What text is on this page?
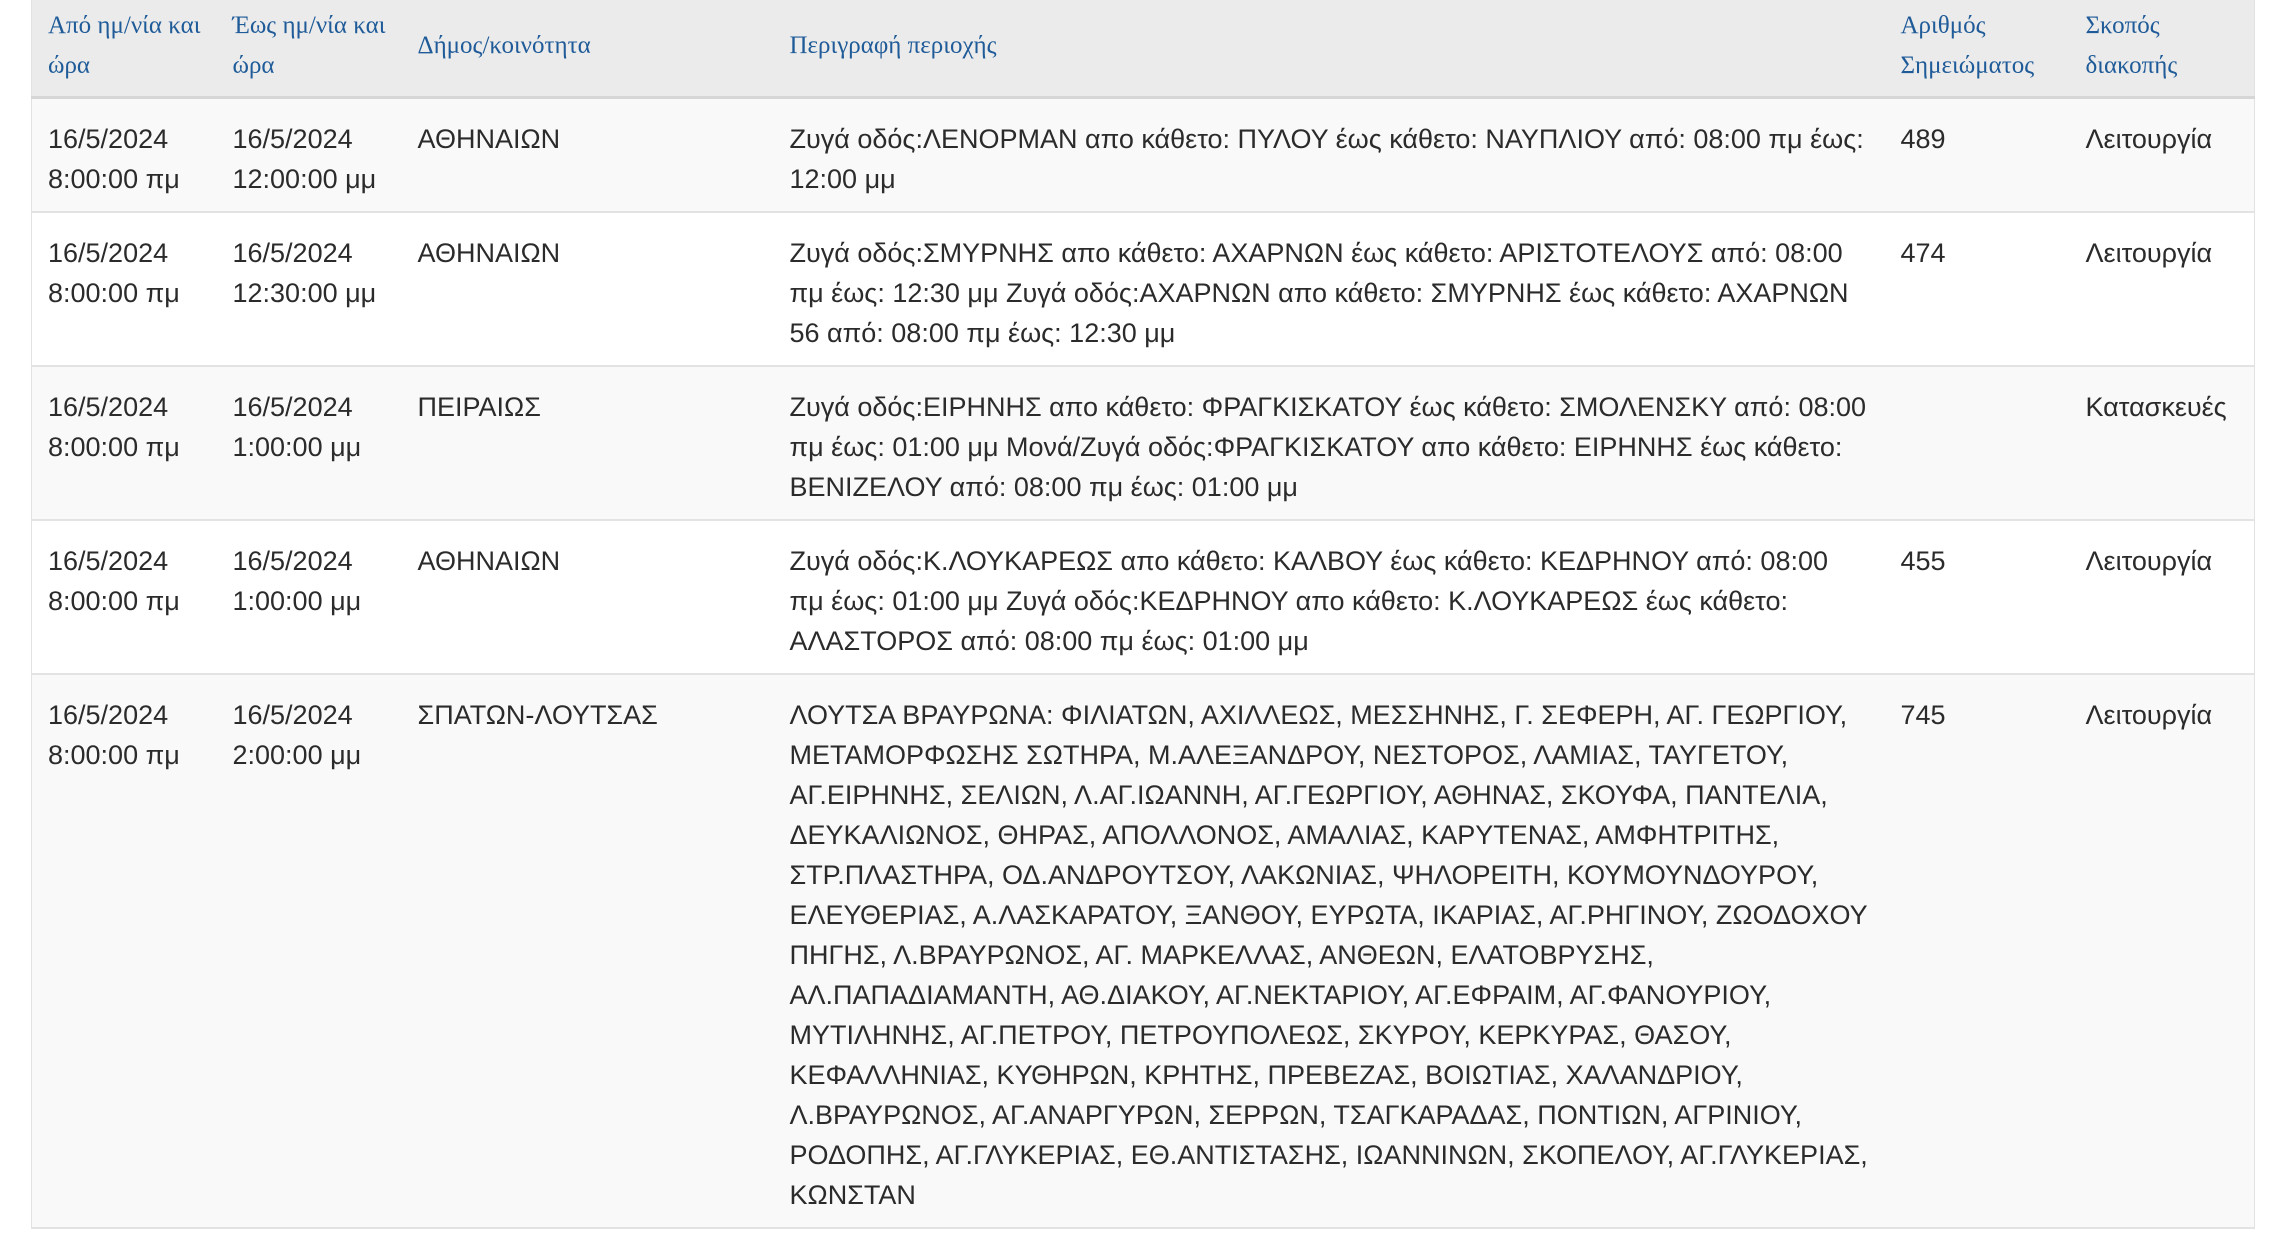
Από ημ/νία και ώρα	Έως ημ/νία και ώρα	Δήμος/κοινότητα	Περιγραφή περιοχής	Αριθμός Σημειώματος	Σκοπός διακοπής
16/5/2024 8:00:00 πμ	16/5/2024 12:00:00 μμ	ΑΘΗΝΑΙΩΝ	Ζυγά οδός:ΛΕΝΟΡΜΑΝ απο κάθετο: ΠΥΛΟΥ έως κάθετο: ΝΑΥΠΛΙΟΥ από: 08:00 πμ έως: 12:00 μμ	489	Λειτουργία
16/5/2024 8:00:00 πμ	16/5/2024 12:30:00 μμ	ΑΘΗΝΑΙΩΝ	Ζυγά οδός:ΣΜΥΡΝΗΣ απο κάθετο: ΑΧΑΡΝΩΝ έως κάθετο: ΑΡΙΣΤΟΤΕΛΟΥΣ από: 08:00 πμ έως: 12:30 μμ Ζυγά οδός:ΑΧΑΡΝΩΝ απο κάθετο: ΣΜΥΡΝΗΣ έως κάθετο: ΑΧΑΡΝΩΝ 56 από: 08:00 πμ έως: 12:30 μμ	474	Λειτουργία
16/5/2024 8:00:00 πμ	16/5/2024 1:00:00 μμ	ΠΕΙΡΑΙΩΣ	Ζυγά οδός:ΕΙΡΗΝΗΣ απο κάθετο: ΦΡΑΓΚΙΣΚΑΤΟΥ έως κάθετο: ΣΜΟΛΕΝΣΚΥ από: 08:00 πμ έως: 01:00 μμ Μονά/Ζυγά οδός:ΦΡΑΓΚΙΣΚΑΤΟΥ απο κάθετο: ΕΙΡΗΝΗΣ έως κάθετο: ΒΕΝΙΖΕΛΟΥ από: 08:00 πμ έως: 01:00 μμ		Κατασκευές
16/5/2024 8:00:00 πμ	16/5/2024 1:00:00 μμ	ΑΘΗΝΑΙΩΝ	Ζυγά οδός:Κ.ΛΟΥΚΑΡΕΩΣ απο κάθετο: ΚΑΛΒΟΥ έως κάθετο: ΚΕΔΡΗΝΟΥ από: 08:00 πμ έως: 01:00 μμ Ζυγά οδός:ΚΕΔΡΗΝΟΥ απο κάθετο: Κ.ΛΟΥΚΑΡΕΩΣ έως κάθετο: ΑΛΑΣΤΟΡΟΣ από: 08:00 πμ έως: 01:00 μμ	455	Λειτουργία
16/5/2024 8:00:00 πμ	16/5/2024 2:00:00 μμ	ΣΠΑΤΩΝ-ΛΟΥΤΣΑΣ	ΛΟΥΤΣΑ ΒΡΑΥΡΩΝΑ: ΦΙΛΙΑΤΩΝ, ΑΧΙΛΛΕΩΣ, ΜΕΣΣΗΝΗΣ, Γ. ΣΕΦΕΡΗ, ΑΓ. ΓΕΩΡΓΙΟΥ, ΜΕΤΑΜΟΡΦΩΣΗΣ ΣΩΤΗΡΑ, Μ.ΑΛΕΞΑΝΔΡΟΥ, ΝΕΣΤΟΡΟΣ, ΛΑΜΙΑΣ, ΤΑΥΓΕΤΟΥ, ΑΓ.ΕΙΡΗΝΗΣ, ΣΕΛΙΩΝ, Λ.ΑΓ.ΙΩΑΝΝΗ, ΑΓ.ΓΕΩΡΓΙΟΥ, ΑΘΗΝΑΣ, ΣΚΟΥΦΑ, ΠΑΝΤΕΛΙΑ, ΔΕΥΚΑΛΙΩΝΟΣ, ΘΗΡΑΣ, ΑΠΟΛΛΟΝΟΣ, ΑΜΑΛΙΑΣ, ΚΑΡΥΤΕΝΑΣ, ΑΜΦΗΤΡΙΤΗΣ, ΣΤΡ.ΠΛΑΣΤΗΡΑ, ΟΔ.ΑΝΔΡΟΥΤΣΟΥ, ΛΑΚΩΝΙΑΣ, ΨΗΛΟΡΕΙΤΗ, ΚΟΥΜΟΥΝΔΟΥΡΟΥ, ΕΛΕΥΘΕΡΙΑΣ, Α.ΛΑΣΚΑΡΑΤΟΥ, ΞΑΝΘΟΥ, ΕΥΡΩΤΑ, ΙΚΑΡΙΑΣ, ΑΓ.ΡΗΓΙΝΟΥ, ΖΩΟΔΟΧΟΥ ΠΗΓΗΣ, Λ.ΒΡΑΥΡΩΝΟΣ, ΑΓ. ΜΑΡΚΕΛΛΑΣ, ΑΝΘΕΩΝ, ΕΛΑΤΟΒΡΥΣΗΣ, ΑΛ.ΠΑΠΑΔΙΑΜΑΝΤΗ, ΑΘ.ΔΙΑΚΟΥ, ΑΓ.ΝΕΚΤΑΡΙΟΥ, ΑΓ.ΕΦΡΑΙΜ, ΑΓ.ΦΑΝΟΥΡΙΟΥ, ΜΥΤΙΛΗΝΗΣ, ΑΓ.ΠΕΤΡΟΥ, ΠΕΤΡΟΥΠΟΛΕΩΣ, ΣΚΥΡΟΥ, ΚΕΡΚΥΡΑΣ, ΘΑΣΟΥ, ΚΕΦΑΛΛΗΝΙΑΣ, ΚΥΘΗΡΩΝ, ΚΡΗΤΗΣ, ΠΡΕΒΕΖΑΣ, ΒΟΙΩΤΙΑΣ, ΧΑΛΑΝΔΡΙΟΥ, Λ.ΒΡΑΥΡΩΝΟΣ, ΑΓ.ΑΝΑΡΓΥΡΩΝ, ΣΕΡΡΩΝ, ΤΣΑΓΚΑΡΑΔΑΣ, ΠΟΝΤΙΩΝ, ΑΓΡΙΝΙΟΥ, ΡΟΔΟΠΗΣ, ΑΓ.ΓΛΥΚΕΡΙΑΣ, ΕΘ.ΑΝΤΙΣΤΑΣΗΣ, ΙΩΑΝΝΙΝΩΝ, ΣΚΟΠΕΛΟΥ, ΑΓ.ΓΛΥΚΕΡΙΑΣ, ΚΩΝΣΤΑΝ	745	Λειτουργία
